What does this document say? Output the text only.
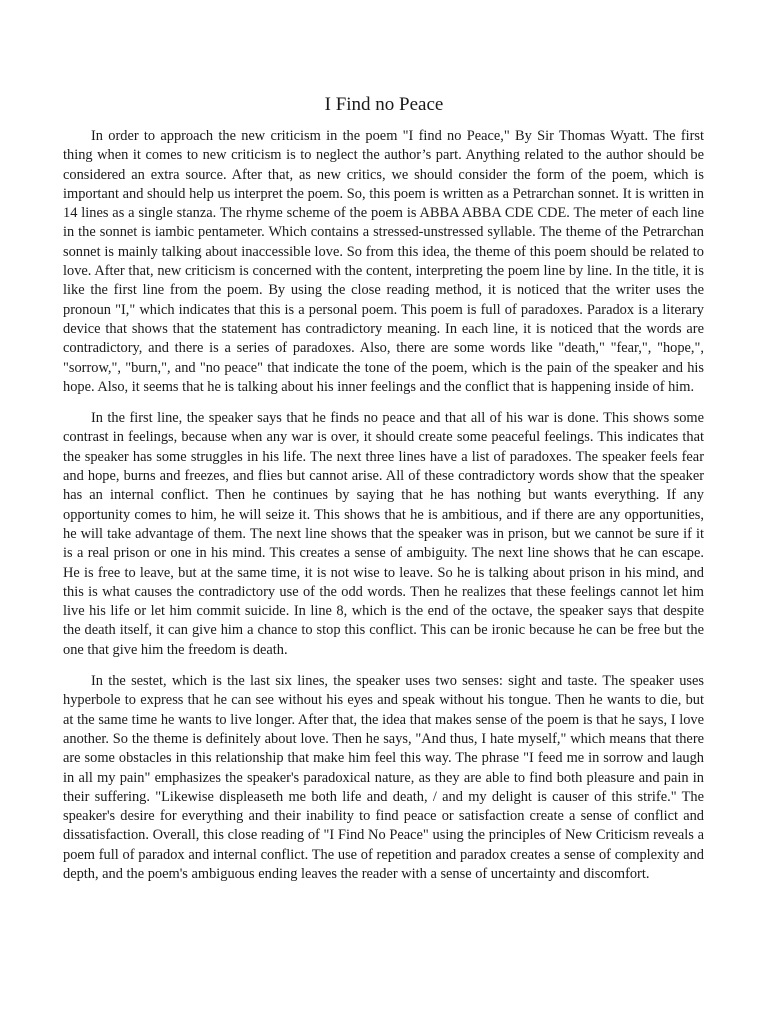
I Find no Peace

In order to approach the new criticism in the poem "I find no Peace," By Sir Thomas Wyatt. The first thing when it comes to new criticism is to neglect the author’s part. Anything related to the author should be considered an extra source. After that, as new critics, we should consider the form of the poem, which is important and should help us interpret the poem. So, this poem is written as a Petrarchan sonnet. It is written in 14 lines as a single stanza. The rhyme scheme of the poem is ABBA ABBA CDE CDE. The meter of each line in the sonnet is iambic pentameter. Which contains a stressed-unstressed syllable. The theme of the Petrarchan sonnet is mainly talking about inaccessible love. So from this idea, the theme of this poem should be related to love. After that, new criticism is concerned with the content, interpreting the poem line by line. In the title, it is like the first line from the poem. By using the close reading method, it is noticed that the writer uses the pronoun "I," which indicates that this is a personal poem. This poem is full of paradoxes. Paradox is a literary device that shows that the statement has contradictory meaning. In each line, it is noticed that the words are contradictory, and there is a series of paradoxes. Also, there are some words like "death," "fear,", "hope,", "sorrow,", "burn,", and "no peace" that indicate the tone of the poem, which is the pain of the speaker and his hope. Also, it seems that he is talking about his inner feelings and the conflict that is happening inside of him.

In the first line, the speaker says that he finds no peace and that all of his war is done. This shows some contrast in feelings, because when any war is over, it should create some peaceful feelings. This indicates that the speaker has some struggles in his life. The next three lines have a list of paradoxes. The speaker feels fear and hope, burns and freezes, and flies but cannot arise. All of these contradictory words show that the speaker has an internal conflict. Then he continues by saying that he has nothing but wants everything. If any opportunity comes to him, he will seize it. This shows that he is ambitious, and if there are any opportunities, he will take advantage of them. The next line shows that the speaker was in prison, but we cannot be sure if it is a real prison or one in his mind. This creates a sense of ambiguity. The next line shows that he can escape. He is free to leave, but at the same time, it is not wise to leave. So he is talking about prison in his mind, and this is what causes the contradictory use of the odd words. Then he realizes that these feelings cannot let him live his life or let him commit suicide. In line 8, which is the end of the octave, the speaker says that despite the death itself, it can give him a chance to stop this conflict. This can be ironic because he can be free but the one that give him the freedom is death.

In the sestet, which is the last six lines, the speaker uses two senses: sight and taste. The speaker uses hyperbole to express that he can see without his eyes and speak without his tongue. Then he wants to die, but at the same time he wants to live longer. After that, the idea that makes sense of the poem is that he says, I love another. So the theme is definitely about love. Then he says, "And thus, I hate myself," which means that there are some obstacles in this relationship that make him feel this way. The phrase "I feed me in sorrow and laugh in all my pain" emphasizes the speaker's paradoxical nature, as they are able to find both pleasure and pain in their suffering. "Likewise displeaseth me both life and death, / and my delight is causer of this strife." The speaker's desire for everything and their inability to find peace or satisfaction create a sense of conflict and dissatisfaction. Overall, this close reading of "I Find No Peace" using the principles of New Criticism reveals a poem full of paradox and internal conflict. The use of repetition and paradox creates a sense of complexity and depth, and the poem's ambiguous ending leaves the reader with a sense of uncertainty and discomfort.
